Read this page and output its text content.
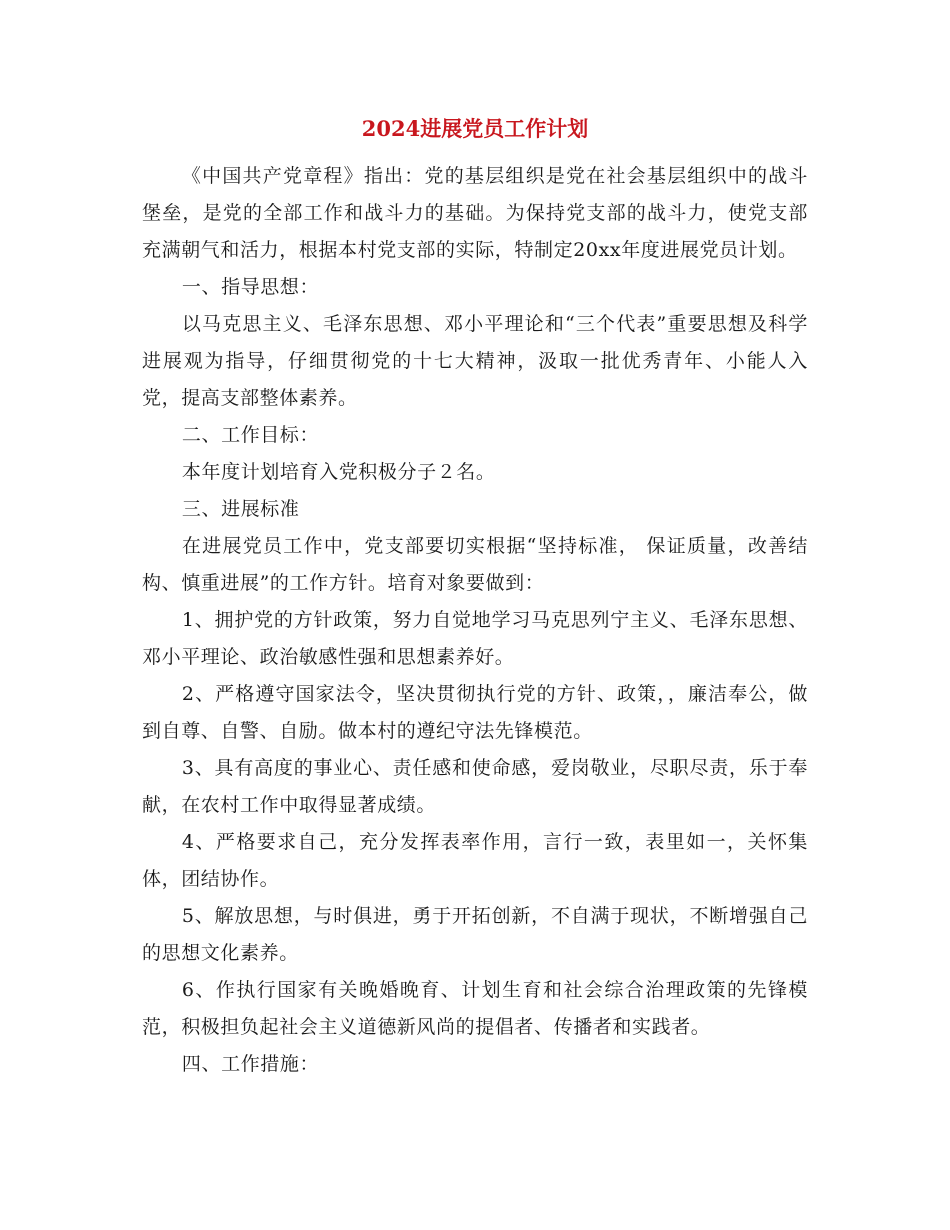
2024进展党员工作计划

《中国共产党章程》指出：党的基层组织是党在社会基层组织中的战斗堡垒，是党的全部工作和战斗力的基础。为保持党支部的战斗力，使党支部充满朝气和活力，根据本村党支部的实际，特制定20xx年度进展党员计划。

一、指导思想：

以马克思主义、毛泽东思想、邓小平理论和“三个代表”重要思想及科学进展观为指导，仔细贯彻党的十七大精神，汲取一批优秀青年、小能人入党，提高支部整体素养。

二、工作目标：

本年度计划培育入党积极分子２名。

三、进展标准

在进展党员工作中，党支部要切实根据“坚持标准， 保证质量，改善结构、慎重进展”的工作方针。培育对象要做到：

1、拥护党的方针政策，努力自觉地学习马克思列宁主义、毛泽东思想、邓小平理论、政治敏感性强和思想素养好。

2、严格遵守国家法令，坚决贯彻执行党的方针、政策，，廉洁奉公，做到自尊、自警、自励。做本村的遵纪守法先锋模范。

3、具有高度的事业心、责任感和使命感，爱岗敬业，尽职尽责，乐于奉献，在农村工作中取得显著成绩。

4、严格要求自己，充分发挥表率作用，言行一致，表里如一，关怀集体，团结协作。

5、解放思想，与时俱进，勇于开拓创新，不自满于现状，不断增强自己的思想文化素养。

6、作执行国家有关晚婚晚育、计划生育和社会综合治理政策的先锋模范，积极担负起社会主义道德新风尚的提倡者、传播者和实践者。

四、工作措施：
